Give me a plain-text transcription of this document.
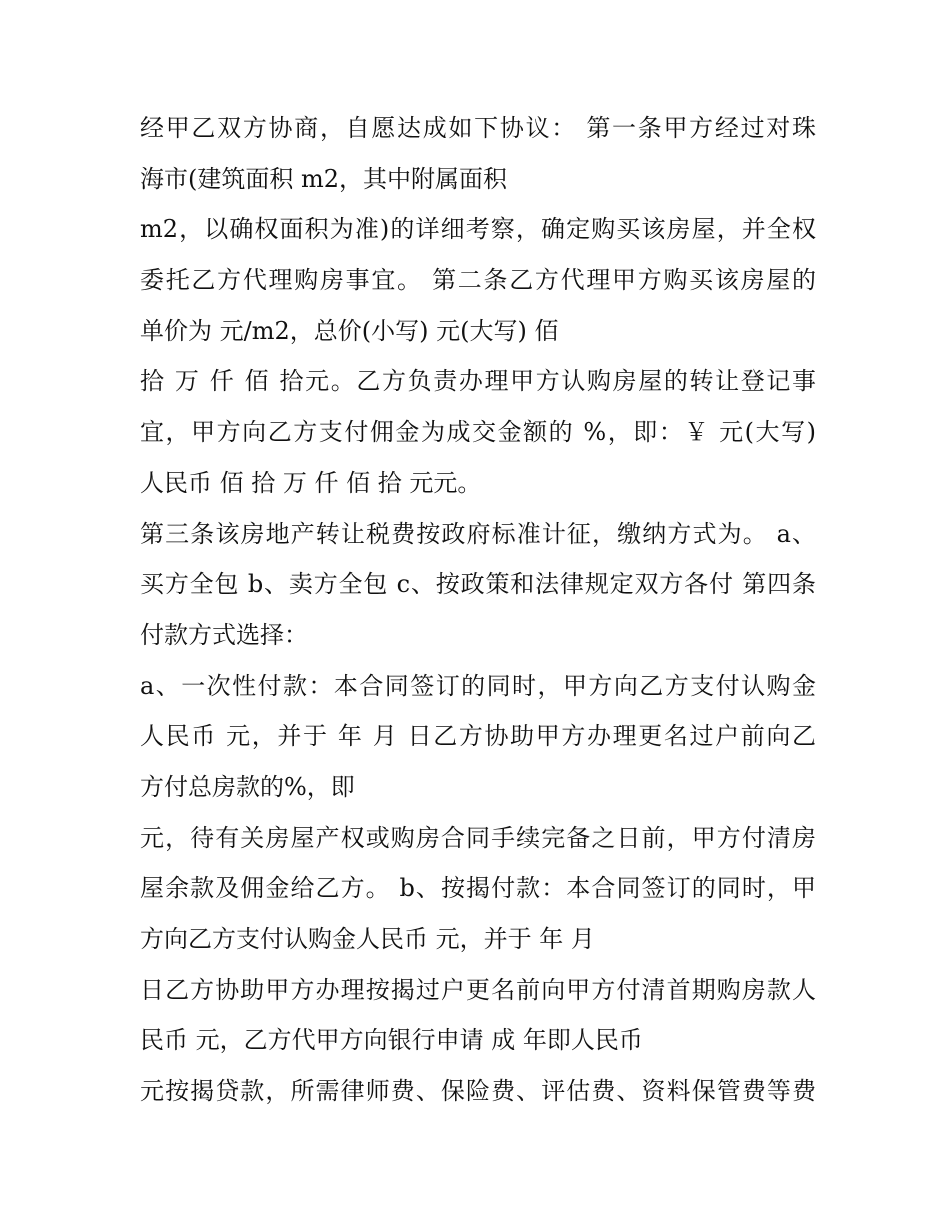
经甲乙双方协商，自愿达成如下协议： 第一条甲方经过对珠
海市(建筑面积 m2，其中附属面积
m2，以确权面积为准)的详细考察，确定购买该房屋，并全权
委托乙方代理购房事宜。 第二条乙方代理甲方购买该房屋的
单价为 元/m2，总价(小写) 元(大写) 佰
拾 万 仟 佰 拾元。乙方负责办理甲方认购房屋的转让登记事
宜，甲方向乙方支付佣金为成交金额的 %，即：￥ 元(大写)
人民币 佰 拾 万 仟 佰 拾 元元。
第三条该房地产转让税费按政府标准计征，缴纳方式为。 a、
买方全包 b、卖方全包 c、按政策和法律规定双方各付 第四条
付款方式选择：
a、一次性付款：本合同签订的同时，甲方向乙方支付认购金
人民币 元，并于 年 月 日乙方协助甲方办理更名过户前向乙
方付总房款的%，即
元，待有关房屋产权或购房合同手续完备之日前，甲方付清房
屋余款及佣金给乙方。 b、按揭付款：本合同签订的同时，甲
方向乙方支付认购金人民币 元，并于 年 月
日乙方协助甲方办理按揭过户更名前向甲方付清首期购房款人
民币 元，乙方代甲方向银行申请 成 年即人民币
元按揭贷款，所需律师费、保险费、评估费、资料保管费等费
